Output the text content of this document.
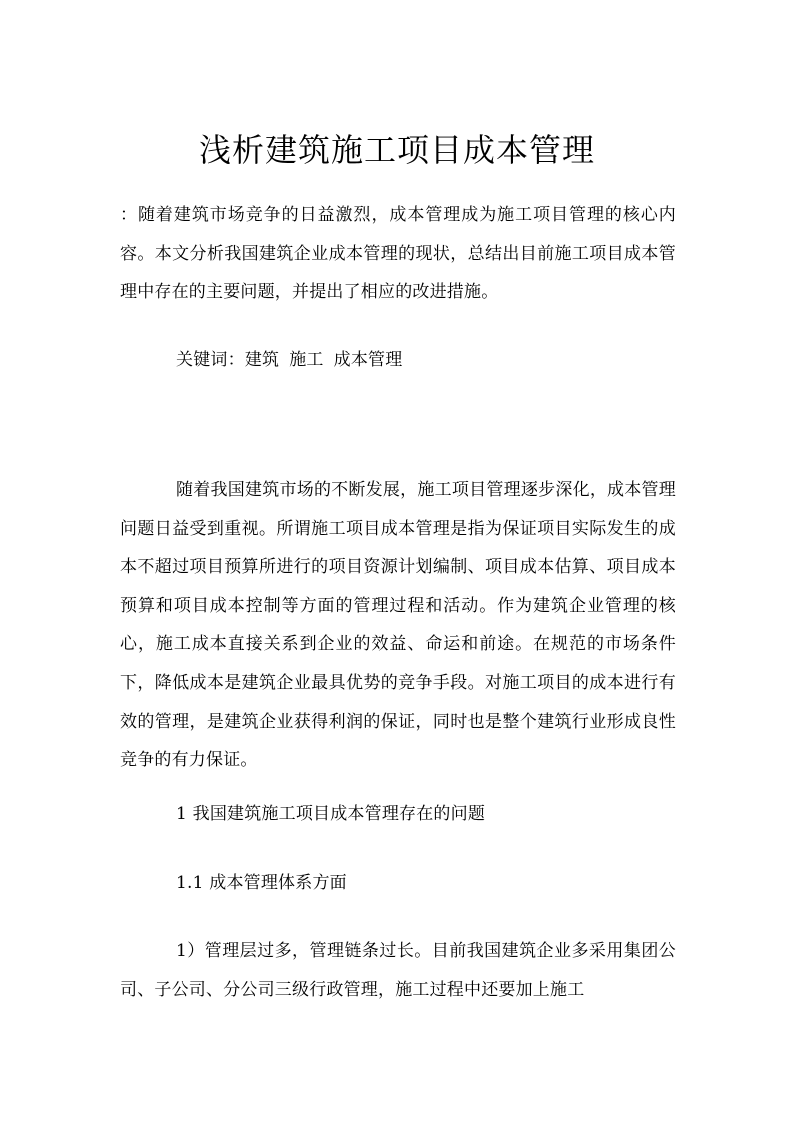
浅析建筑施工项目成本管理

：随着建筑市场竞争的日益激烈，成本管理成为施工项目管理的核心内容。本文分析我国建筑企业成本管理的现状，总结出目前施工项目成本管理中存在的主要问题，并提出了相应的改进措施。

关键词：建筑 施工 成本管理

随着我国建筑市场的不断发展，施工项目管理逐步深化，成本管理问题日益受到重视。所谓施工项目成本管理是指为保证项目实际发生的成本不超过项目预算所进行的项目资源计划编制、项目成本估算、项目成本预算和项目成本控制等方面的管理过程和活动。作为建筑企业管理的核心，施工成本直接关系到企业的效益、命运和前途。在规范的市场条件下，降低成本是建筑企业最具优势的竞争手段。对施工项目的成本进行有效的管理，是建筑企业获得利润的保证，同时也是整个建筑行业形成良性竞争的有力保证。

1 我国建筑施工项目成本管理存在的问题

1.1 成本管理体系方面

1）管理层过多，管理链条过长。目前我国建筑企业多采用集团公司、子公司、分公司三级行政管理，施工过程中还要加上施工
